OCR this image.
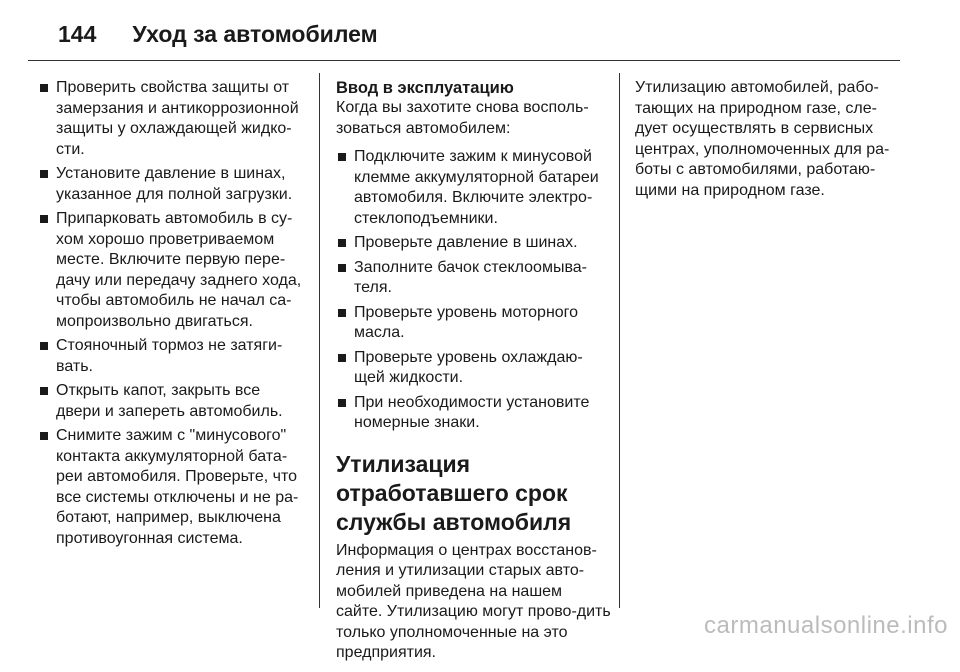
144 Уход за автомобилем
Проверить свойства защиты от замерзания и антикоррозионной защиты у охлаждающей жидко-сти.
Установите давление в шинах, указанное для полной загрузки.
Припарковать автомобиль в су-хом хорошо проветриваемом месте. Включите первую пере-дачу или передачу заднего хода, чтобы автомобиль не начал са-мопроизвольно двигаться.
Стояночный тормоз не затяги-вать.
Открыть капот, закрыть все двери и запереть автомобиль.
Снимите зажим с "минусового" контакта аккумуляторной бата-реи автомобиля. Проверьте, что все системы отключены и не ра-ботают, например, выключена противоугонная система.

Ввод в эксплуатацию

Когда вы захотите снова восполь-зоваться автомобилем:

Подключите зажим к минусовой клемме аккумуляторной батареи автомобиля. Включите электро-стеклоподъемники.
Проверьте давление в шинах.
Заполните бачок стеклоомыва-теля.
Проверьте уровень моторного масла.
Проверьте уровень охлаждаю-щей жидкости.
При необходимости установите номерные знаки.
Утилизация отработавшего срок службы автомобиля

Информация о центрах восстанов-ления и утилизации старых авто-мобилей приведена на нашем сайте. Утилизацию могут прово-дить только уполномоченные на это предприятия.

Утилизацию автомобилей, рабо-тающих на природном газе, сле-дует осуществлять в сервисных центрах, уполномоченных для ра-боты с автомобилями, работаю-щими на природном газе.

carmanualsonline.info
